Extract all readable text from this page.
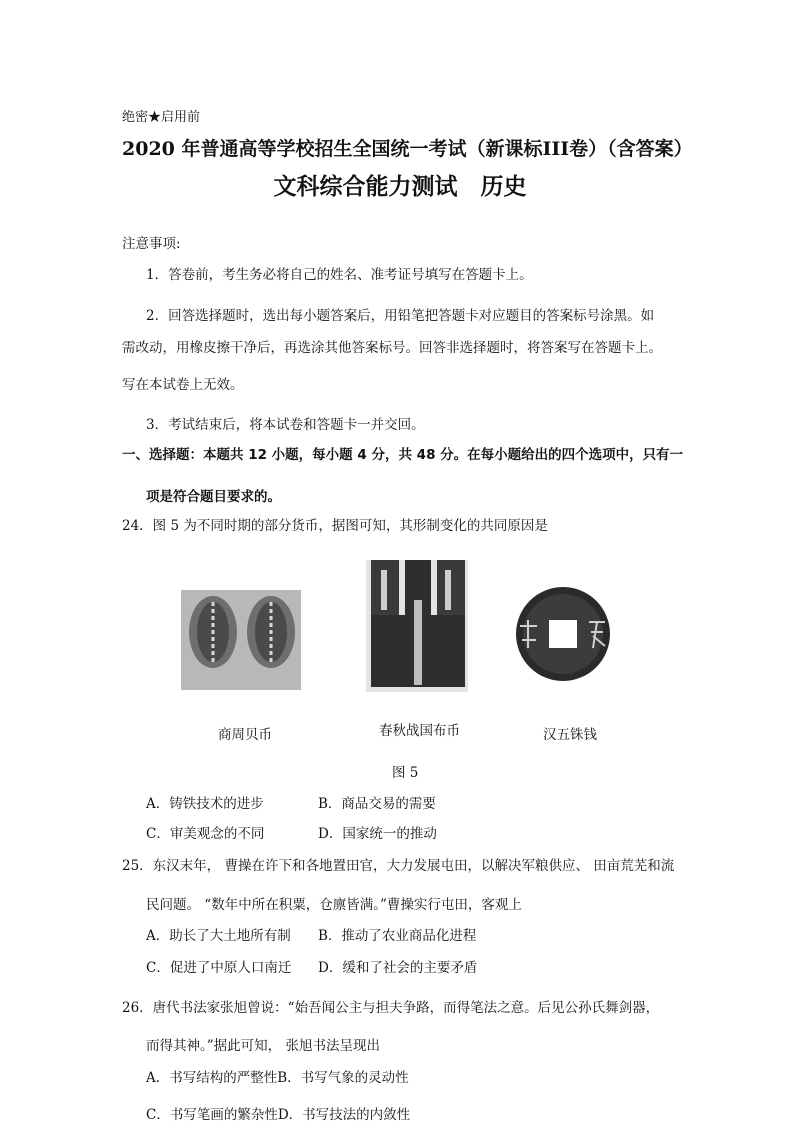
绝密★启用前
2020 年普通高等学校招生全国统一考试（新课标III卷）（含答案）
文科综合能力测试　历史
注意事项:
1．答卷前，考生务必将自己的姓名、准考证号填写在答题卡上。
2．回答选择题时，选出每小题答案后，用铅笔把答题卡对应题目的答案标号涂黑。如
需改动，用橡皮擦干净后，再选涂其他答案标号。回答非选择题时，将答案写在答题卡上。
写在本试卷上无效。
3．考试结束后，将本试卷和答题卡一并交回。
一、选择题：本题共 12 小题，每小题 4 分，共 48 分。在每小题给出的四个选项中，只有一
项是符合题目要求的。
24．图 5 为不同时期的部分货币，据图可知，其形制变化的共同原因是
商周贝币	春秋战国布币	汉五铢钱
图 5
A．铸铁技术的进步	B．商品交易的需要
C．审美观念的不同	D．国家统一的推动
25．东汉末年， 曹操在许下和各地置田官，大力发展屯田，以解决军粮供应、 田亩荒芜和流
民问题。 “数年中所在积粟，仓廪皆满。”曹操实行屯田，客观上
A．助长了大土地所有制 B．推动了农业商品化进程
C．促进了中原人口南迁 D．缓和了社会的主要矛盾
26．唐代书法家张旭曾说：“始吾闻公主与担夫争路，而得笔法之意。后见公孙氏舞剑器，
而得其神。”据此可知， 张旭书法呈现出
A．书写结构的严整性B．书写气象的灵动性
C．书写笔画的繁杂性D．书写技法的内敛性
